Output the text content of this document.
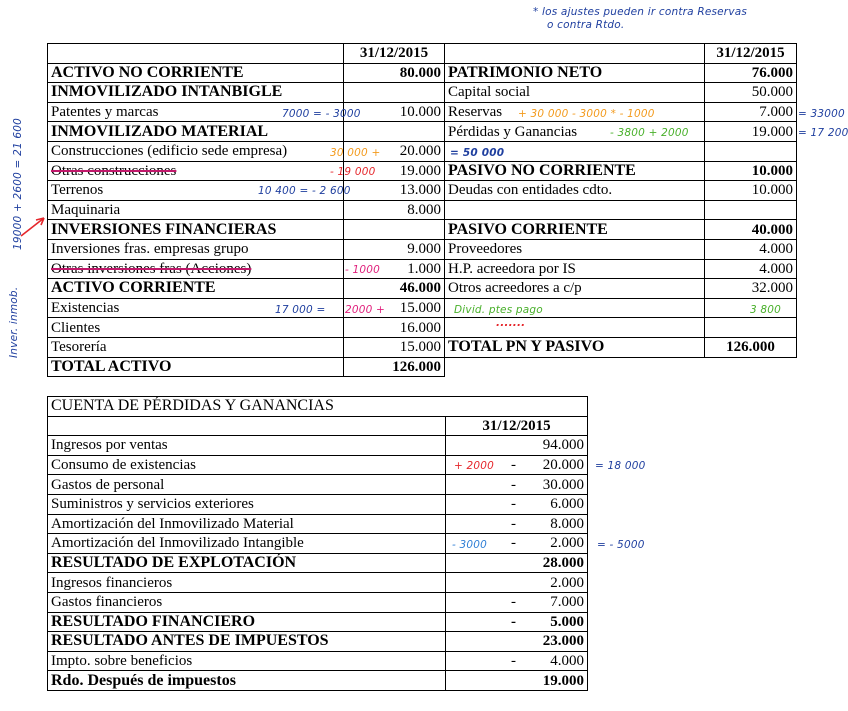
* los ajustes pueden ir contra Reservas
o contra Rtdo.
	31/12/2015		31/12/2015
ACTIVO NO CORRIENTE	80.000	PATRIMONIO NETO	76.000
INMOVILIZADO INTANBIGLE		Capital social	50.000
Patentes y marcas	10.000	Reservas	7.000
INMOVILIZADO MATERIAL		Pérdidas y Ganancias	19.000
Construcciones (edificio sede empresa)	20.000		
Otras construcciones	19.000	PASIVO NO CORRIENTE	10.000
Terrenos	13.000	Deudas con entidades cdto.	10.000
Maquinaria	8.000		
INVERSIONES FINANCIERAS		PASIVO CORRIENTE	40.000
Inversiones fras. empresas grupo	9.000	Proveedores	4.000
Otras inversiones fras (Acciones)	1.000	H.P. acreedora por IS	4.000
ACTIVO CORRIENTE	46.000	Otros acreedores a c/p	32.000
Existencias	15.000		
Clientes	16.000		
Tesorería	15.000	TOTAL PN Y PASIVO	126.000
TOTAL ACTIVO	126.000		
CUENTA DE PÉRDIDAS Y GANANCIAS	
	31/12/2015
Ingresos por ventas	94.000
Consumo de existencias	- 20.000
Gastos de personal	- 30.000
Suministros y servicios exteriores	- 6.000
Amortización del Inmovilizado Material	- 8.000
Amortización del Inmovilizado Intangible	- 2.000
RESULTADO DE EXPLOTACIÓN	28.000
Ingresos financieros	2.000
Gastos financieros	- 7.000
RESULTADO FINANCIERO	- 5.000
RESULTADO ANTES DE IMPUESTOS	23.000
Impto. sobre beneficios	- 4.000
Rdo. Después de impuestos	19.000
7000 = - 3000	+ 30 000 - 3000 * - 1000	= 33000
- 3800 + 2000	= 17 200
30 000 +	= 50 000
- 19 000
10 400 = - 2 600
- 1000
17 000 = 2000 +	Divid. ptes pago	3 800
.......
Inver. inmob.
19000 + 2600 = 21 600
+ 2000	= 18 000
- 3000	= - 5000
